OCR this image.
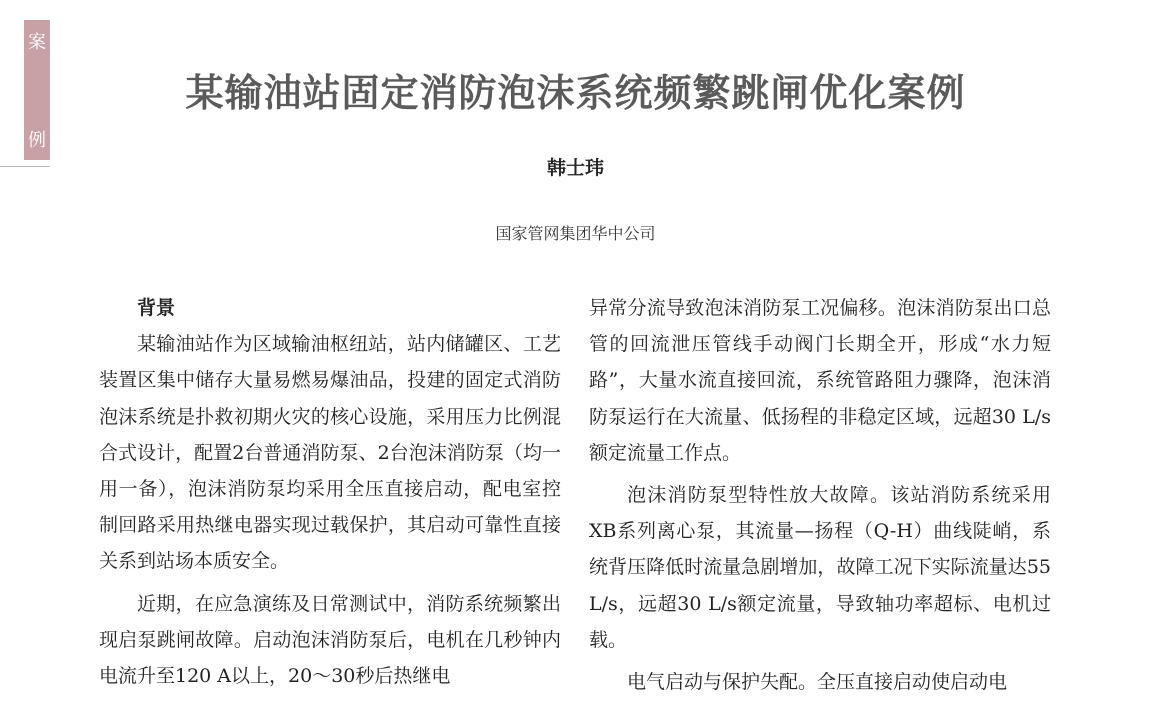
案
例
某输油站固定消防泡沫系统频繁跳闸优化案例
韩士玮
国家管网集团华中公司
背景

某输油站作为区域输油枢纽站，站内储罐区、工艺装置区集中储存大量易燃易爆油品，投建的固定式消防泡沫系统是扑救初期火灾的核心设施，采用压力比例混合式设计，配置2台普通消防泵、2台泡沫消防泵（均一用一备），泡沫消防泵均采用全压直接启动，配电室控制回路采用热继电器实现过载保护，其启动可靠性直接关系到站场本质安全。

近期，在应急演练及日常测试中，消防系统频繁出现启泵跳闸故障。启动泡沫消防泵后，电机在几秒钟内电流升至120 A以上，20～30秒后热继电

异常分流导致泡沫消防泵工况偏移。泡沫消防泵出口总管的回流泄压管线手动阀门长期全开，形成“水力短路”，大量水流直接回流，系统管路阻力骤降，泡沫消防泵运行在大流量、低扬程的非稳定区域，远超30 L/s额定流量工作点。

泡沫消防泵型特性放大故障。该站消防系统采用XB系列离心泵，其流量—扬程（Q-H）曲线陡峭，系统背压降低时流量急剧增加，故障工况下实际流量达55 L/s，远超30 L/s额定流量，导致轴功率超标、电机过载。

电气启动与保护失配。全压直接启动使启动电
